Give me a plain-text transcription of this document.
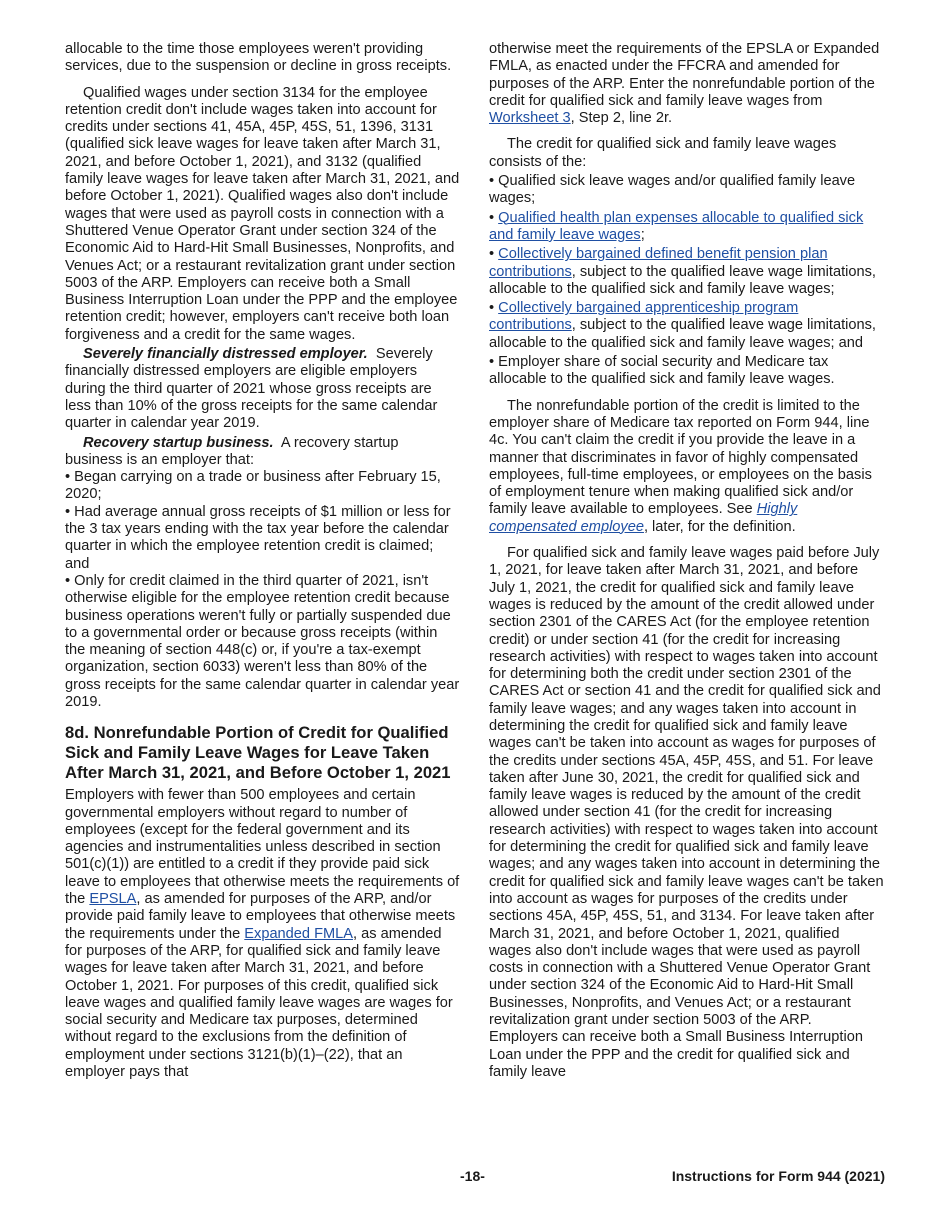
allocable to the time those employees weren't providing services, due to the suspension or decline in gross receipts.

Qualified wages under section 3134 for the employee retention credit don't include wages taken into account for credits under sections 41, 45A, 45P, 45S, 51, 1396, 3131 (qualified sick leave wages for leave taken after March 31, 2021, and before October 1, 2021), and 3132 (qualified family leave wages for leave taken after March 31, 2021, and before October 1, 2021). Qualified wages also don't include wages that were used as payroll costs in connection with a Shuttered Venue Operator Grant under section 324 of the Economic Aid to Hard-Hit Small Businesses, Nonprofits, and Venues Act; or a restaurant revitalization grant under section 5003 of the ARP. Employers can receive both a Small Business Interruption Loan under the PPP and the employee retention credit; however, employers can't receive both loan forgiveness and a credit for the same wages.

Severely financially distressed employer. Severely financially distressed employers are eligible employers during the third quarter of 2021 whose gross receipts are less than 10% of the gross receipts for the same calendar quarter in calendar year 2019.

Recovery startup business. A recovery startup business is an employer that:

• Began carrying on a trade or business after February 15, 2020;

• Had average annual gross receipts of $1 million or less for the 3 tax years ending with the tax year before the calendar quarter in which the employee retention credit is claimed; and

• Only for credit claimed in the third quarter of 2021, isn't otherwise eligible for the employee retention credit because business operations weren't fully or partially suspended due to a governmental order or because gross receipts (within the meaning of section 448(c) or, if you're a tax-exempt organization, section 6033) weren't less than 80% of the gross receipts for the same calendar quarter in calendar year 2019.

8d. Nonrefundable Portion of Credit for Qualified Sick and Family Leave Wages for Leave Taken After March 31, 2021, and Before October 1, 2021

Employers with fewer than 500 employees and certain governmental employers without regard to number of employees (except for the federal government and its agencies and instrumentalities unless described in section 501(c)(1)) are entitled to a credit if they provide paid sick leave to employees that otherwise meets the requirements of the EPSLA, as amended for purposes of the ARP, and/or provide paid family leave to employees that otherwise meets the requirements under the Expanded FMLA, as amended for purposes of the ARP, for qualified sick and family leave wages for leave taken after March 31, 2021, and before October 1, 2021. For purposes of this credit, qualified sick leave wages and qualified family leave wages are wages for social security and Medicare tax purposes, determined without regard to the exclusions from the definition of employment under sections 3121(b)(1)–(22), that an employer pays that

otherwise meet the requirements of the EPSLA or Expanded FMLA, as enacted under the FFCRA and amended for purposes of the ARP. Enter the nonrefundable portion of the credit for qualified sick and family leave wages from Worksheet 3, Step 2, line 2r.

The credit for qualified sick and family leave wages consists of the:

• Qualified sick leave wages and/or qualified family leave wages;

• Qualified health plan expenses allocable to qualified sick and family leave wages;

• Collectively bargained defined benefit pension plan contributions, subject to the qualified leave wage limitations, allocable to the qualified sick and family leave wages;

• Collectively bargained apprenticeship program contributions, subject to the qualified leave wage limitations, allocable to the qualified sick and family leave wages; and

• Employer share of social security and Medicare tax allocable to the qualified sick and family leave wages.

The nonrefundable portion of the credit is limited to the employer share of Medicare tax reported on Form 944, line 4c. You can't claim the credit if you provide the leave in a manner that discriminates in favor of highly compensated employees, full-time employees, or employees on the basis of employment tenure when making qualified sick and/or family leave available to employees. See Highly compensated employee, later, for the definition.

For qualified sick and family leave wages paid before July 1, 2021, for leave taken after March 31, 2021, and before July 1, 2021, the credit for qualified sick and family leave wages is reduced by the amount of the credit allowed under section 2301 of the CARES Act (for the employee retention credit) or under section 41 (for the credit for increasing research activities) with respect to wages taken into account for determining both the credit under section 2301 of the CARES Act or section 41 and the credit for qualified sick and family leave wages; and any wages taken into account in determining the credit for qualified sick and family leave wages can't be taken into account as wages for purposes of the credits under sections 45A, 45P, 45S, and 51. For leave taken after June 30, 2021, the credit for qualified sick and family leave wages is reduced by the amount of the credit allowed under section 41 (for the credit for increasing research activities) with respect to wages taken into account for determining the credit for qualified sick and family leave wages; and any wages taken into account in determining the credit for qualified sick and family leave wages can't be taken into account as wages for purposes of the credits under sections 45A, 45P, 45S, 51, and 3134. For leave taken after March 31, 2021, and before October 1, 2021, qualified wages also don't include wages that were used as payroll costs in connection with a Shuttered Venue Operator Grant under section 324 of the Economic Aid to Hard-Hit Small Businesses, Nonprofits, and Venues Act; or a restaurant revitalization grant under section 5003 of the ARP. Employers can receive both a Small Business Interruption Loan under the PPP and the credit for qualified sick and family leave

-18-	Instructions for Form 944 (2021)
